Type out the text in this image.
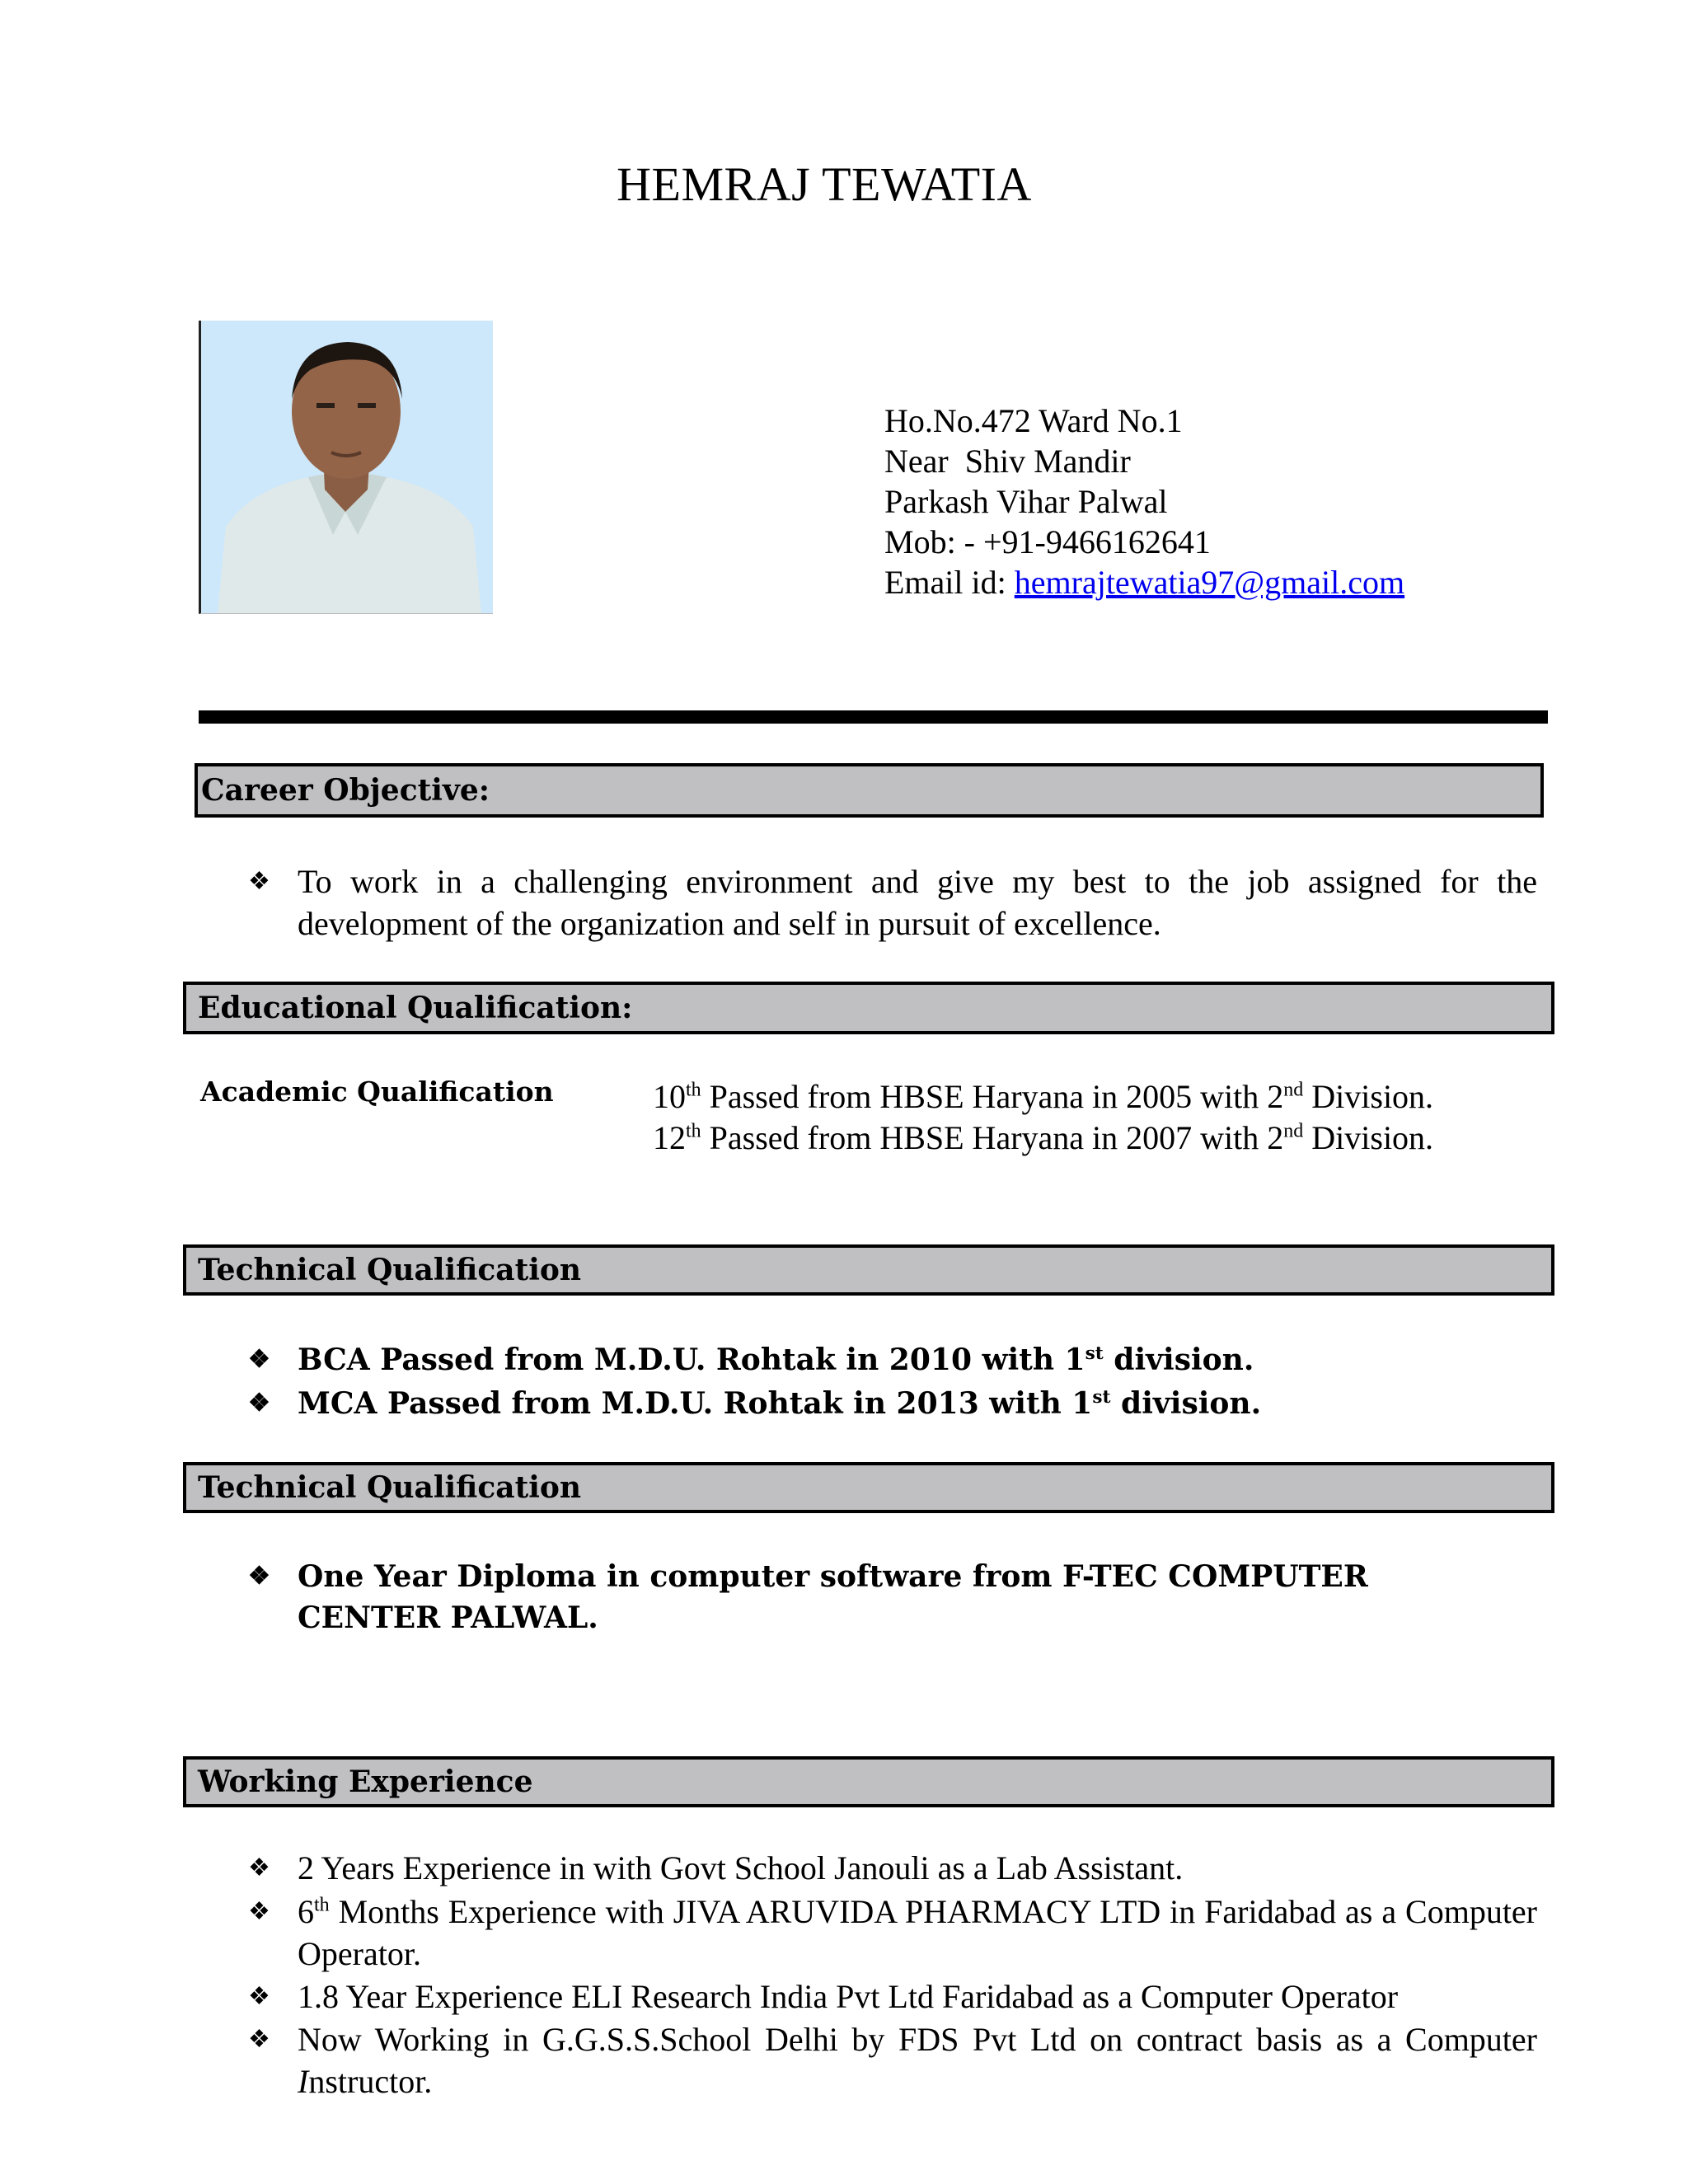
HEMRAJ TEWATIA
Ho.No.472 Ward No.1
Near  Shiv Mandir
Parkash Vihar Palwal
Mob: - +91-9466162641
Email id: hemrajtewatia97@gmail.com
Career Objective:
❖ To work in a challenging environment and give my best to the job assigned for the development of the organization and self in pursuit of excellence.
Educational Qualification:
Academic Qualification	10th Passed from HBSE Haryana in 2005 with 2nd Division.
12th Passed from HBSE Haryana in 2007 with 2nd Division.
Technical Qualification
❖ BCA Passed from M.D.U. Rohtak in 2010 with 1st division.
❖ MCA Passed from M.D.U. Rohtak in 2013 with 1st division.
Technical Qualification
❖ One Year Diploma in computer software from F-TEC COMPUTER CENTER PALWAL.
Working Experience
❖ 2 Years Experience in with Govt School Janouli as a Lab Assistant.
❖ 6th Months Experience with JIVA ARUVIDA PHARMACY LTD in Faridabad as a Computer Operator.
❖ 1.8 Year Experience ELI Research India Pvt Ltd Faridabad as a Computer Operator
❖ Now Working in G.G.S.S.School Delhi by FDS Pvt Ltd on contract basis as a Computer Instructor.
